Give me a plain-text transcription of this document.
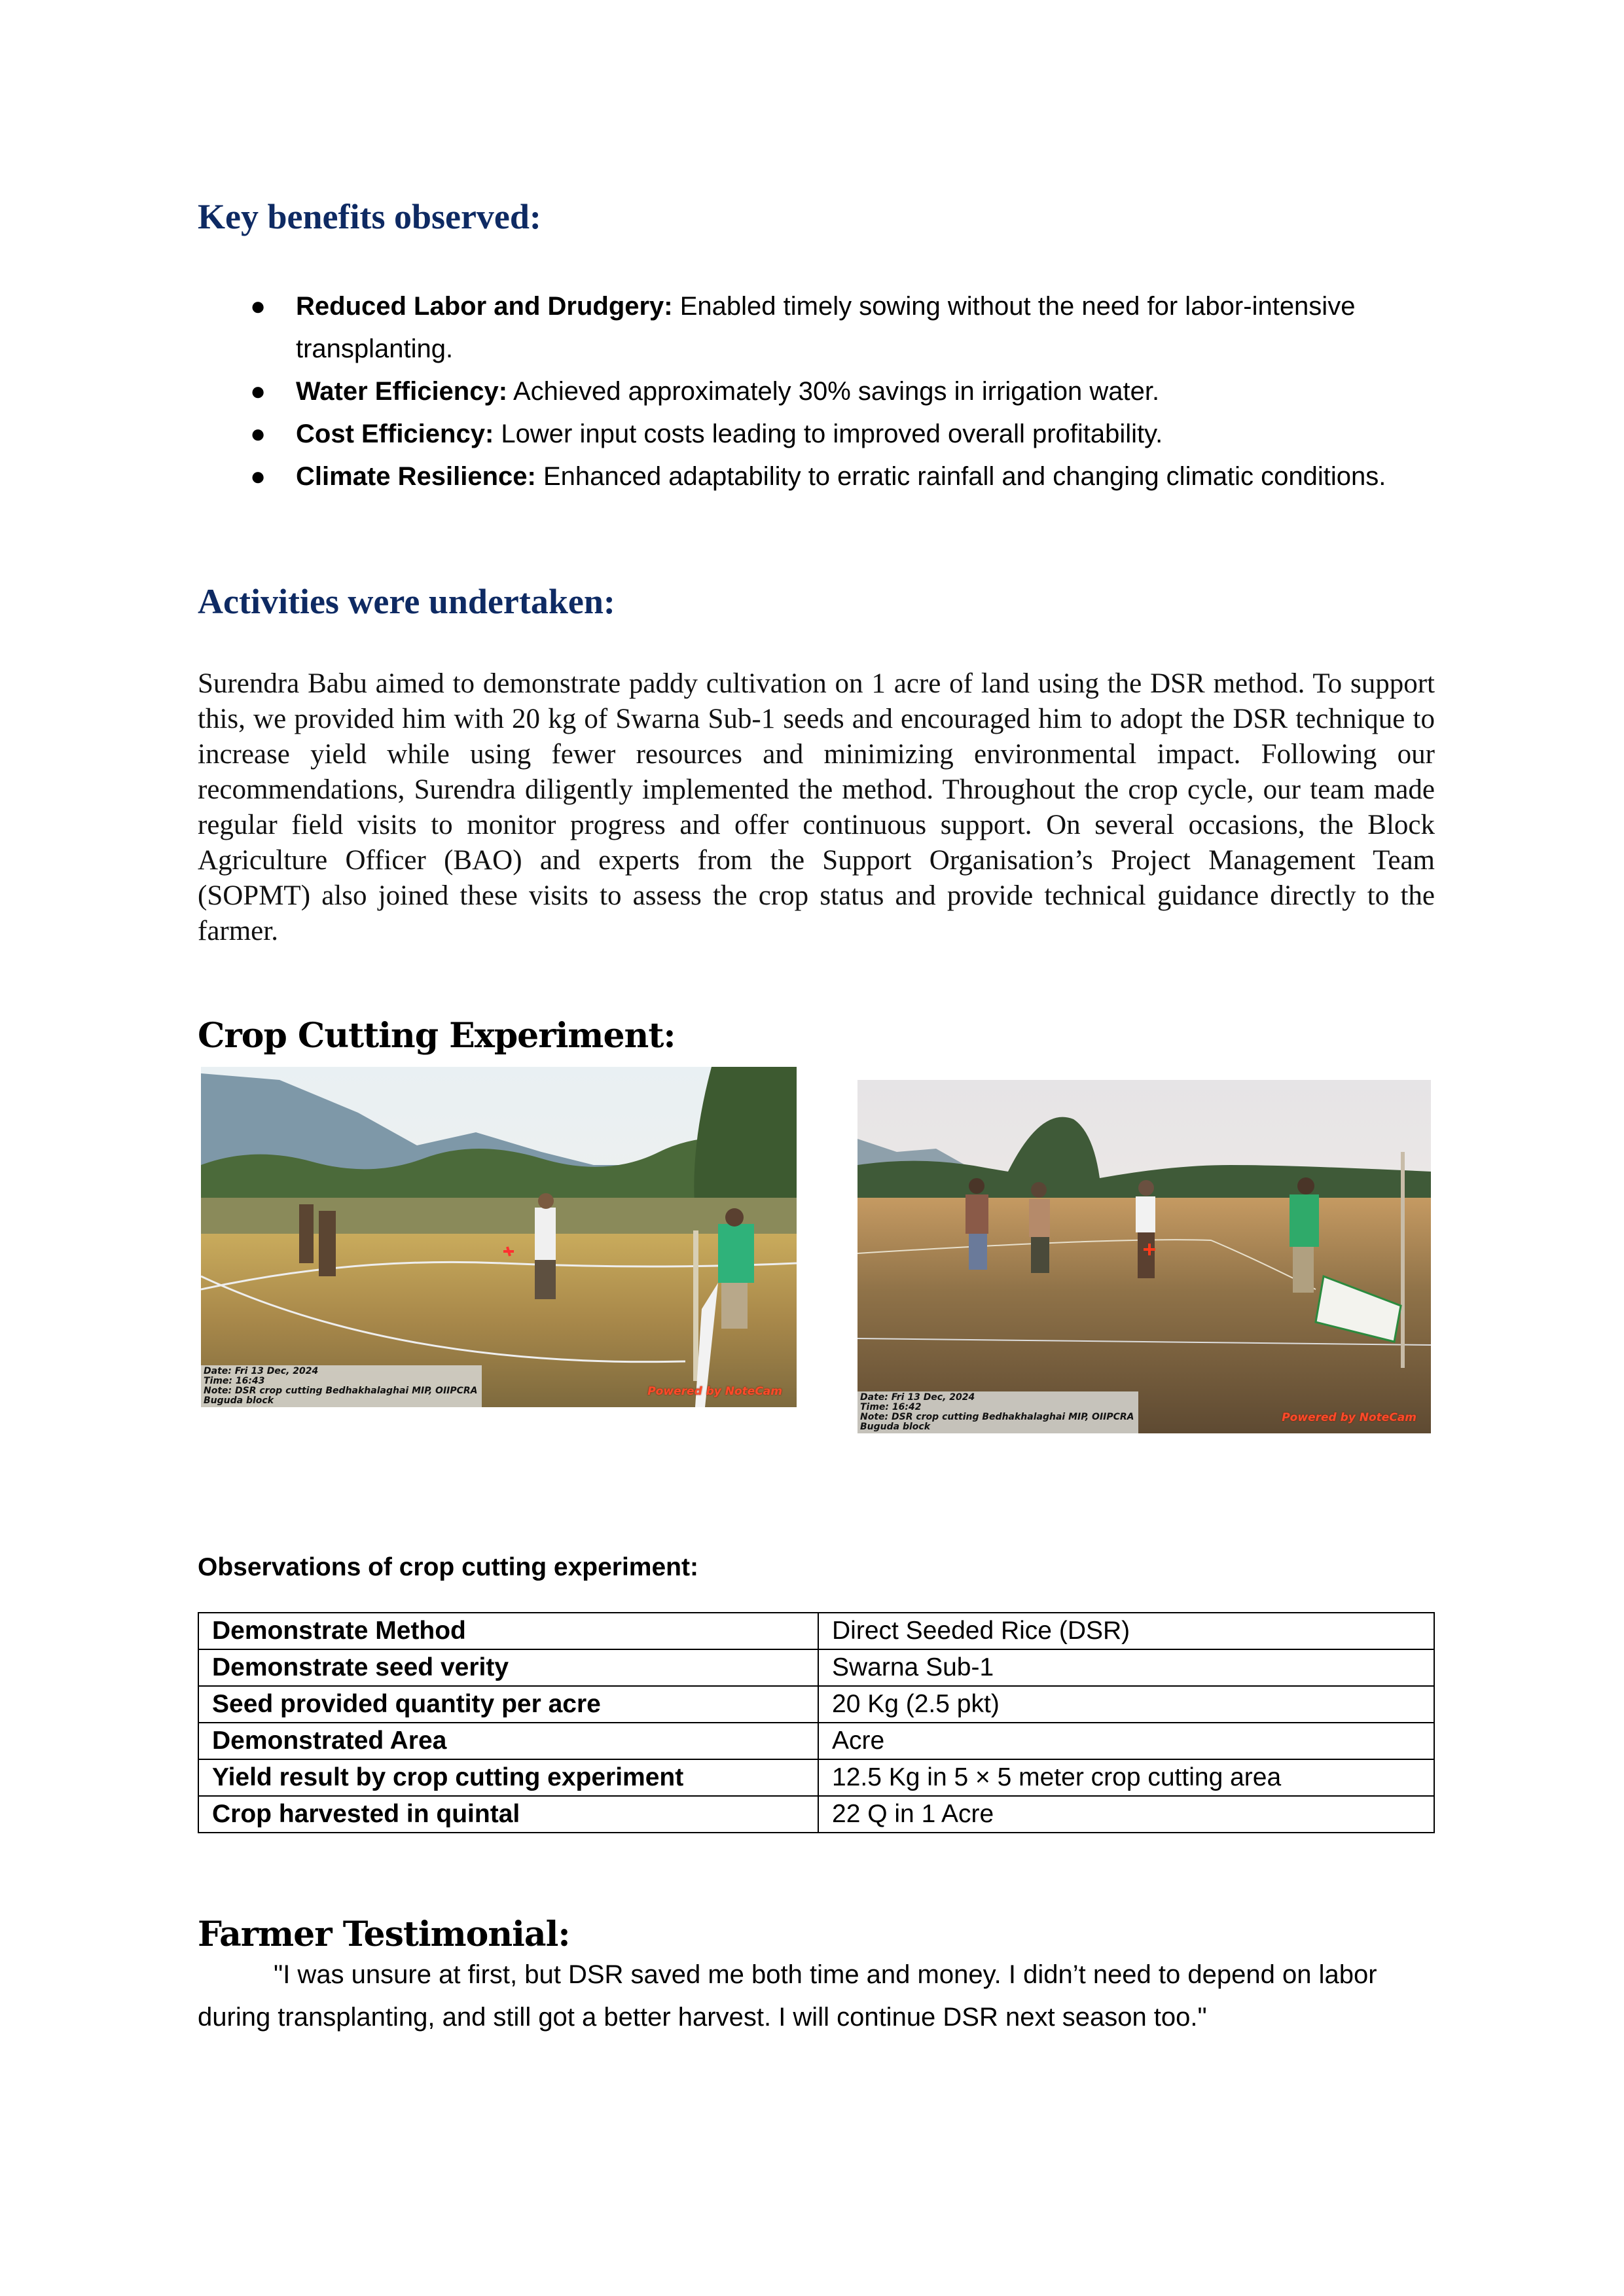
Key benefits observed:
● Reduced Labor and Drudgery: Enabled timely sowing without the need for labor-intensive transplanting.
● Water Efficiency: Achieved approximately 30% savings in irrigation water.
● Cost Efficiency: Lower input costs leading to improved overall profitability.
● Climate Resilience: Enhanced adaptability to erratic rainfall and changing climatic conditions.
Activities were undertaken:
Surendra Babu aimed to demonstrate paddy cultivation on 1 acre of land using the DSR method. To support this, we provided him with 20 kg of Swarna Sub-1 seeds and encouraged him to adopt the DSR technique to increase yield while using fewer resources and minimizing environmental impact. Following our recommendations, Surendra diligently implemented the method. Throughout the crop cycle, our team made regular field visits to monitor progress and offer continuous support. On several occasions, the Block Agriculture Officer (BAO) and experts from the Support Organisation’s Project Management Team (SOPMT) also joined these visits to assess the crop status and provide technical guidance directly to the farmer.
Crop Cutting Experiment:
Date: Fri 13 Dec, 2024
Time: 16:43
Note: DSR crop cutting Bedhakhalaghai MIP, OIIPCRA
Buguda block
Powered by NoteCam	Date: Fri 13 Dec, 2024
Time: 16:42
Note: DSR crop cutting Bedhakhalaghai MIP, OIIPCRA
Buguda block
Powered by NoteCam
Observations of crop cutting experiment:
Demonstrate Method	Direct Seeded Rice (DSR)
Demonstrate seed verity	Swarna Sub-1
Seed provided quantity per acre	20 Kg (2.5 pkt)
Demonstrated Area	Acre
Yield result by crop cutting experiment	12.5 Kg in 5 × 5 meter crop cutting area
Crop harvested in quintal	22 Q in 1 Acre
Farmer Testimonial:
"I was unsure at first, but DSR saved me both time and money. I didn’t need to depend on labor during transplanting, and still got a better harvest. I will continue DSR next season too."
